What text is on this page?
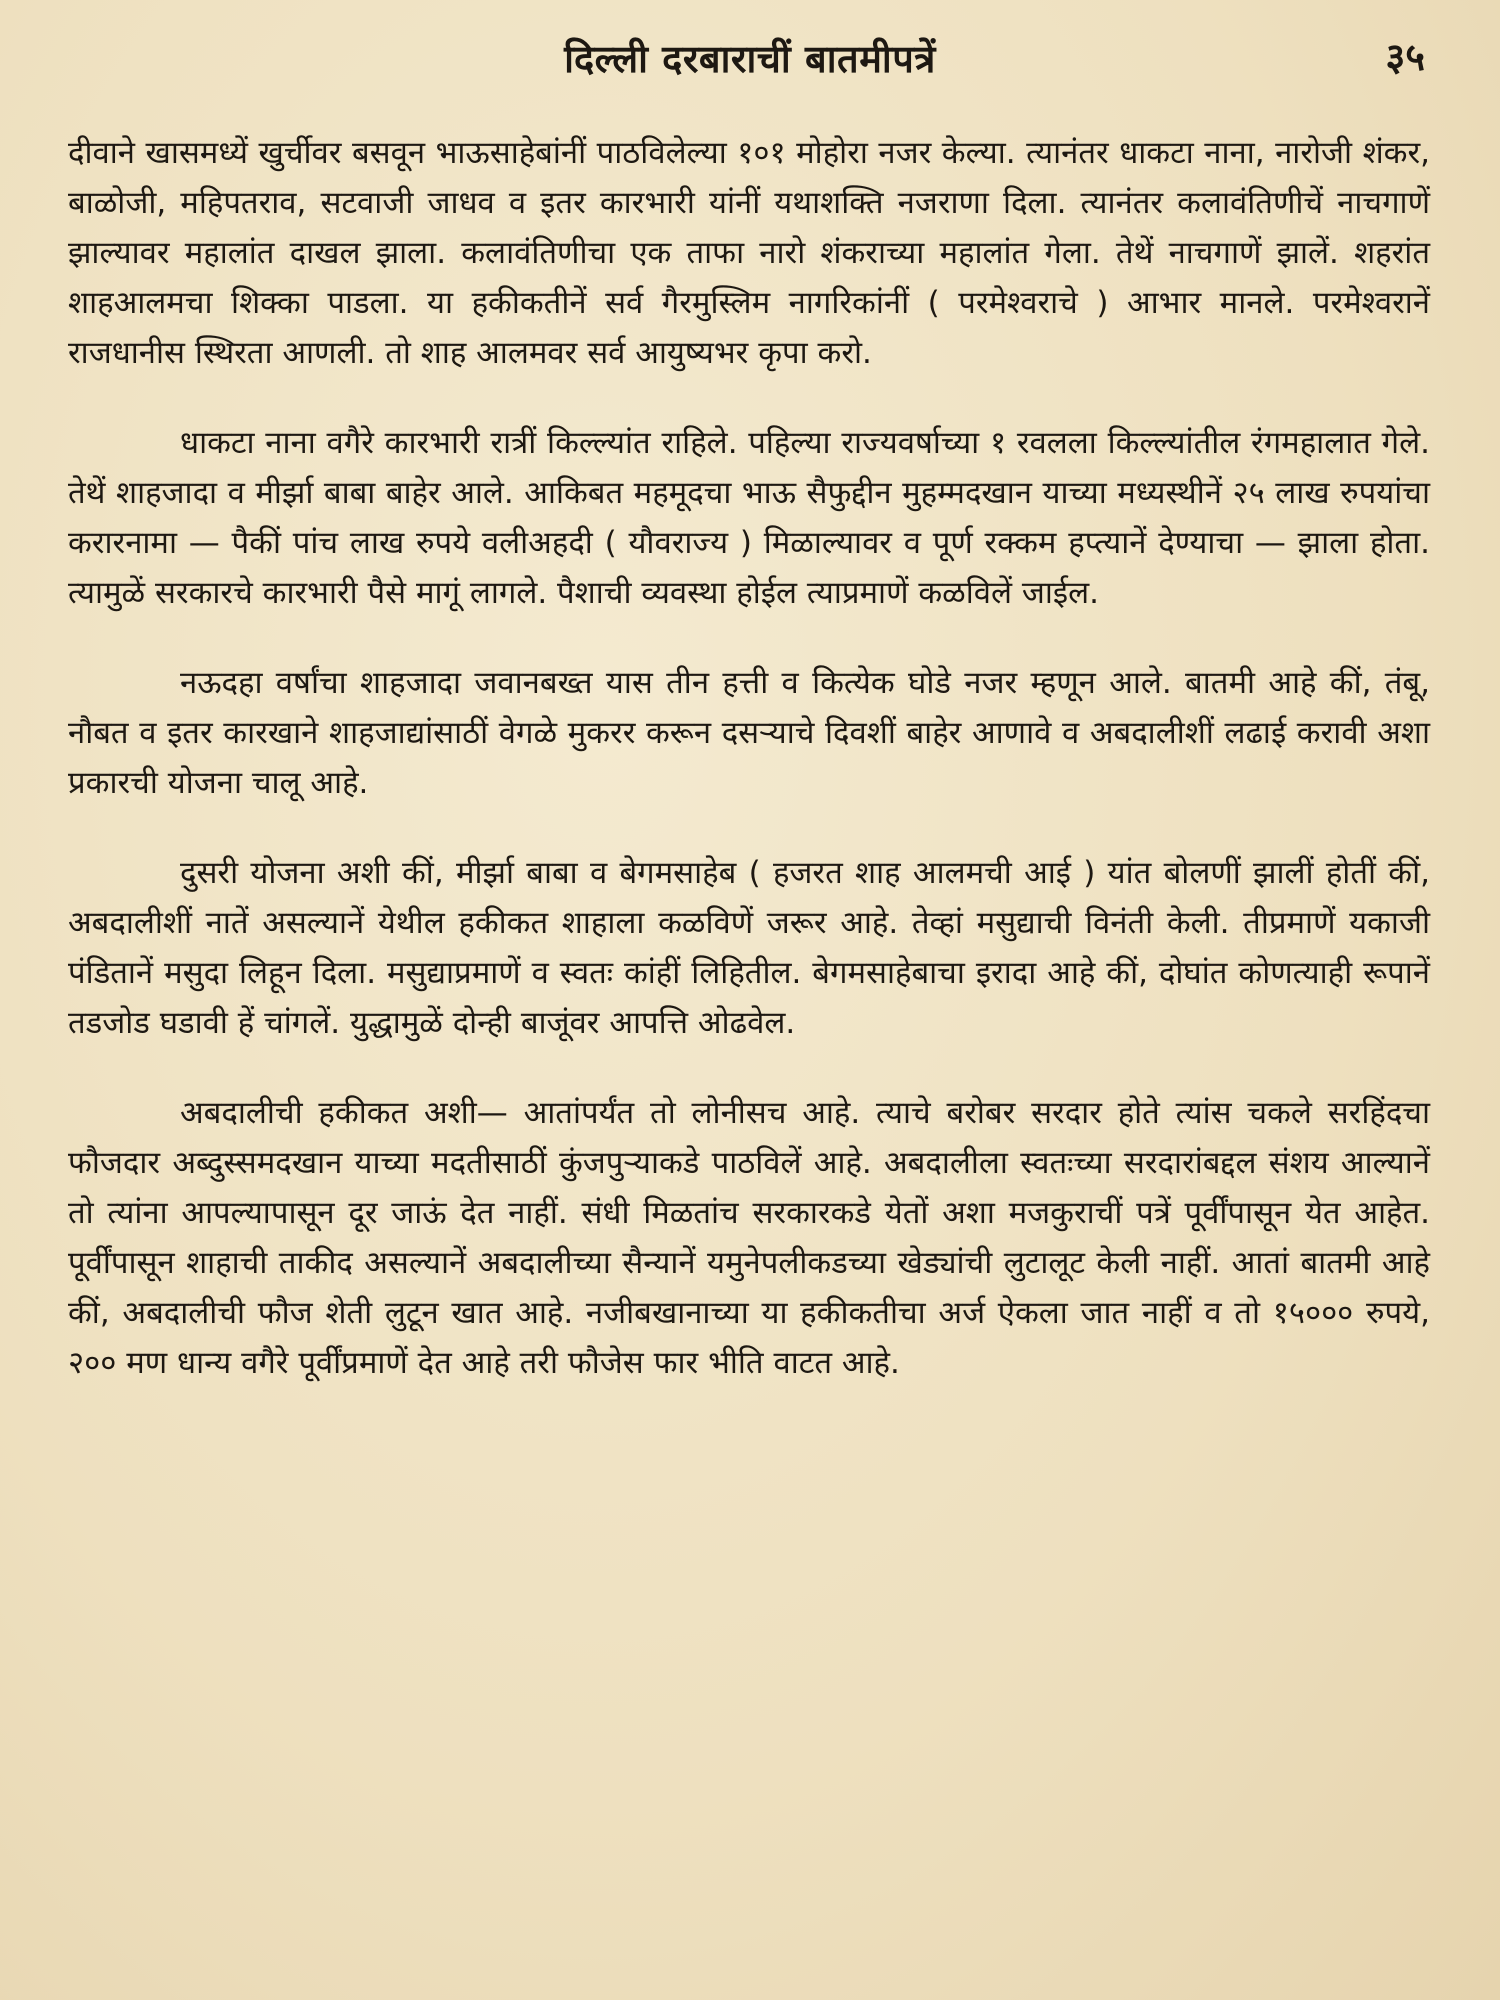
दिल्ली दरबाराचीं बातमीपत्रें	३५

दीवाने खासमध्यें खुर्चीवर बसवून भाऊसाहेबांनीं पाठविलेल्या १०१ मोहोरा नजर केल्या. त्यानंतर धाकटा नाना, नारोजी शंकर, बाळोजी, महिपतराव, सटवाजी जाधव व इतर कारभारी यांनीं यथाशक्ति नजराणा दिला. त्यानंतर कलावंतिणीचें नाचगाणें झाल्यावर महालांत दाखल झाला. कलावंतिणीचा एक ताफा नारो शंकराच्या महालांत गेला. तेथें नाचगाणें झालें. शहरांत शाहआलमचा शिक्का पाडला. या हकीकतीनें सर्व गैरमुस्लिम नागरिकांनीं ( परमेश्वराचे ) आभार मानले. परमेश्वरानें राजधानीस स्थिरता आणली. तो शाह आलमवर सर्व आयुष्यभर कृपा करो.

धाकटा नाना वगैरे कारभारी रात्रीं किल्ल्यांत राहिले. पहिल्या राज्यवर्षाच्या १ रवलला किल्ल्यांतील रंगमहालात गेले. तेथें शाहजादा व मीर्झा बाबा बाहेर आले. आकिबत महमूदचा भाऊ सैफुद्दीन मुहम्मदखान याच्या मध्यस्थीनें २५ लाख रुपयांचा करारनामा — पैकीं पांच लाख रुपये वलीअहदी ( यौवराज्य ) मिळाल्यावर व पूर्ण रक्कम हप्त्यानें देण्याचा — झाला होता. त्यामुळें सरकारचे कारभारी पैसे मागूं लागले. पैशाची व्यवस्था होईल त्याप्रमाणें कळविलें जाईल.

नऊदहा वर्षांचा शाहजादा जवानबख्त यास तीन हत्ती व कित्येक घोडे नजर म्हणून आले. बातमी आहे कीं, तंबू, नौबत व इतर कारखाने शाहजाद्यांसाठीं वेगळे मुकरर करून दसऱ्याचे दिवशीं बाहेर आणावे व अबदालीशीं लढाई करावी अशा प्रकारची योजना चालू आहे.

दुसरी योजना अशी कीं, मीर्झा बाबा व बेगमसाहेब ( हजरत शाह आलमची आई ) यांत बोलणीं झालीं होतीं कीं, अबदालीशीं नातें असल्यानें येथील हकीकत शाहाला कळविणें जरूर आहे. तेव्हां मसुद्याची विनंती केली. तीप्रमाणें यकाजी पंडितानें मसुदा लिहून दिला. मसुद्याप्रमाणें व स्वतः कांहीं लिहितील. बेगमसाहेबाचा इरादा आहे कीं, दोघांत कोणत्याही रूपानें तडजोड घडावी हें चांगलें. युद्धामुळें दोन्ही बाजूंवर आपत्ति ओढवेल.

अबदालीची हकीकत अशी— आतांपर्यंत तो लोनीसच आहे. त्याचे बरोबर सरदार होते त्यांस चकले सरहिंदचा फौजदार अब्दुस्समदखान याच्या मदतीसाठीं कुंजपुऱ्याकडे पाठविलें आहे. अबदालीला स्वतःच्या सरदारांबद्दल संशय आल्यानें तो त्यांना आपल्यापासून दूर जाऊं देत नाहीं. संधी मिळतांच सरकारकडे येतों अशा मजकुराचीं पत्रें पूर्वींपासून येत आहेत. पूर्वींपासून शाहाची ताकीद असल्यानें अबदालीच्या सैन्यानें यमुनेपलीकडच्या खेड्यांची लुटालूट केली नाहीं. आतां बातमी आहे कीं, अबदालीची फौज शेती लुटून खात आहे. नजीबखानाच्या या हकीकतीचा अर्ज ऐकला जात नाहीं व तो १५००० रुपये, २०० मण धान्य वगैरे पूर्वींप्रमाणें देत आहे तरी फौजेस फार भीति वाटत आहे.
